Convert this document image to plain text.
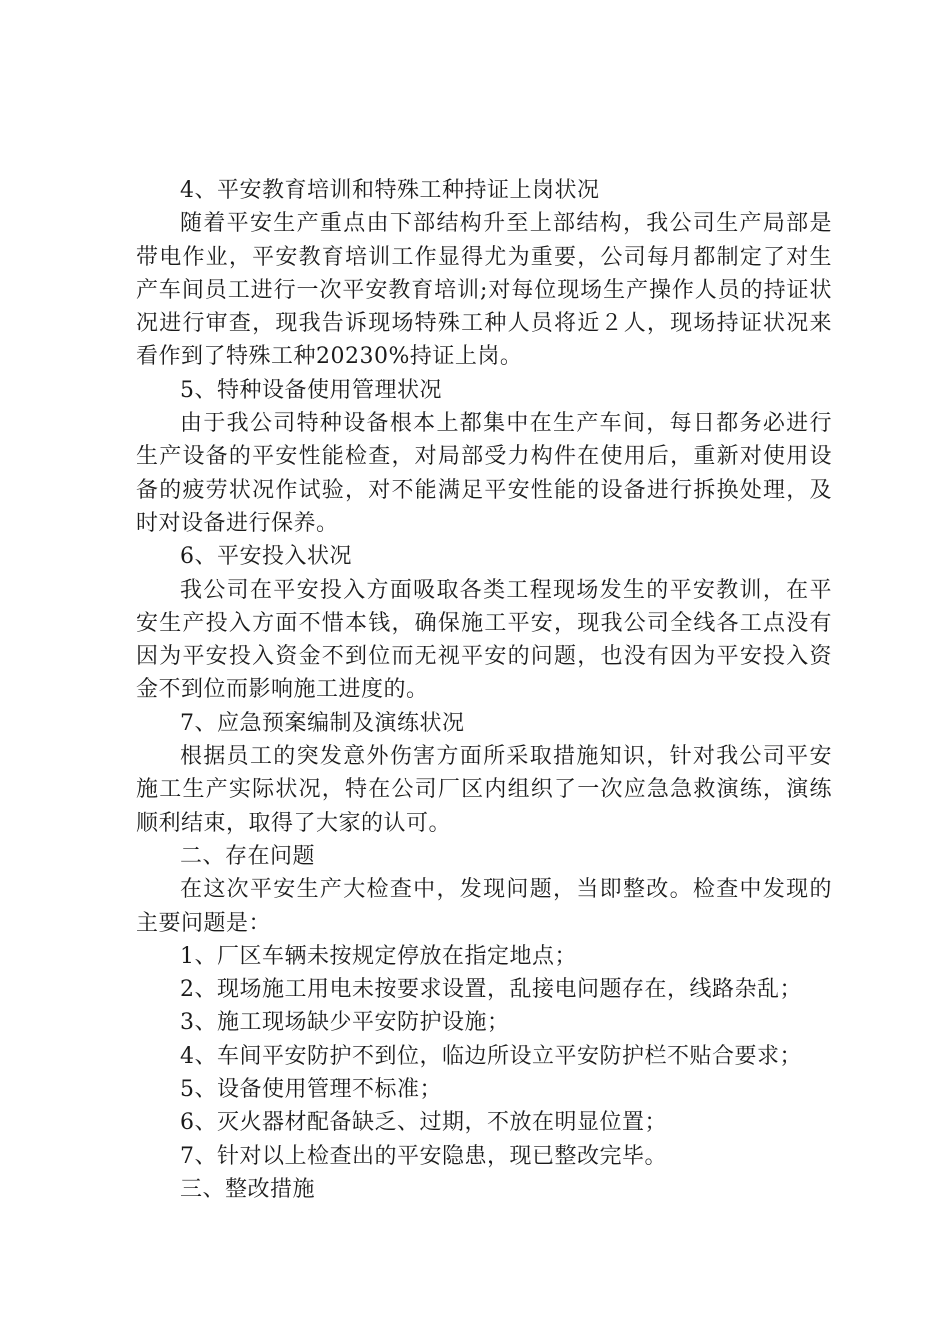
4、平安教育培训和特殊工种持证上岗状况

随着平安生产重点由下部结构升至上部结构，我公司生产局部是带电作业，平安教育培训工作显得尤为重要，公司每月都制定了对生产车间员工进行一次平安教育培训;对每位现场生产操作人员的持证状况进行审查，现我告诉现场特殊工种人员将近２人，现场持证状况来看作到了特殊工种20230%持证上岗。

5、特种设备使用管理状况

由于我公司特种设备根本上都集中在生产车间，每日都务必进行生产设备的平安性能检查，对局部受力构件在使用后，重新对使用设备的疲劳状况作试验，对不能满足平安性能的设备进行拆换处理，及时对设备进行保养。

6、平安投入状况

我公司在平安投入方面吸取各类工程现场发生的平安教训，在平安生产投入方面不惜本钱，确保施工平安，现我公司全线各工点没有因为平安投入资金不到位而无视平安的问题，也没有因为平安投入资金不到位而影响施工进度的。

7、应急预案编制及演练状况

根据员工的突发意外伤害方面所采取措施知识，针对我公司平安施工生产实际状况，特在公司厂区内组织了一次应急急救演练，演练顺利结束，取得了大家的认可。

二、存在问题

在这次平安生产大检查中，发现问题，当即整改。检查中发现的主要问题是：

1、厂区车辆未按规定停放在指定地点；

2、现场施工用电未按要求设置，乱接电问题存在，线路杂乱；

3、施工现场缺少平安防护设施；

4、车间平安防护不到位，临边所设立平安防护栏不贴合要求；

5、设备使用管理不标准；

6、灭火器材配备缺乏、过期，不放在明显位置；

7、针对以上检查出的平安隐患，现已整改完毕。

三、整改措施
